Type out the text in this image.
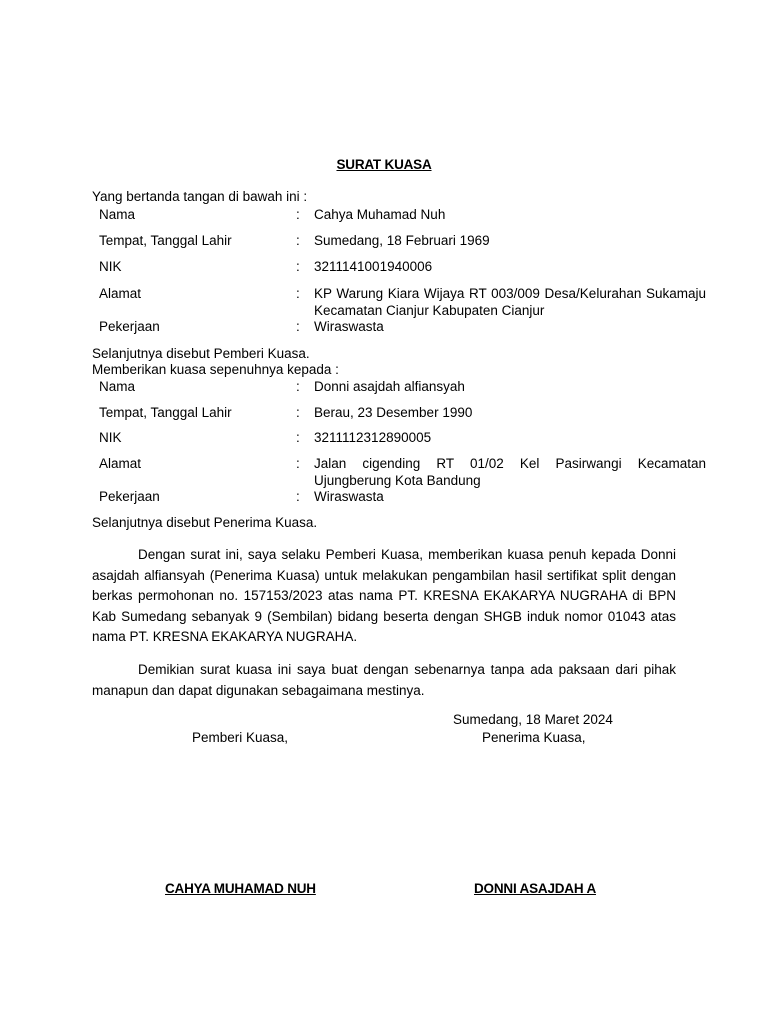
SURAT KUASA
Yang bertanda tangan di bawah ini :
Nama	: Cahya Muhamad Nuh
Tempat, Tanggal Lahir	: Sumedang, 18 Februari 1969
NIK	: 3211141001940006
Alamat	: KP Warung Kiara Wijaya RT 003/009 Desa/Kelurahan Sukamaju Kecamatan Cianjur Kabupaten Cianjur
Pekerjaan	: Wiraswasta
Selanjutnya disebut Pemberi Kuasa.
Memberikan kuasa sepenuhnya kepada :
Nama	: Donni asajdah alfiansyah
Tempat, Tanggal Lahir	: Berau, 23 Desember 1990
NIK	: 3211112312890005
Alamat	: Jalan cigending RT 01/02 Kel Pasirwangi Kecamatan Ujungberung Kota Bandung
Pekerjaan	: Wiraswasta
Selanjutnya disebut Penerima Kuasa.
Dengan surat ini, saya selaku Pemberi Kuasa, memberikan kuasa penuh kepada Donni asajdah alfiansyah (Penerima Kuasa) untuk melakukan pengambilan hasil sertifikat split dengan berkas permohonan no. 157153/2023 atas nama PT. KRESNA EKAKARYA NUGRAHA di BPN Kab Sumedang sebanyak 9 (Sembilan) bidang beserta dengan SHGB induk nomor 01043 atas nama PT. KRESNA EKAKARYA NUGRAHA.
Demikian surat kuasa ini saya buat dengan sebenarnya tanpa ada paksaan dari pihak manapun dan dapat digunakan sebagaimana mestinya.
Sumedang, 18 Maret 2024
Pemberi Kuasa,	Penerima Kuasa,
CAHYA MUHAMAD NUH	DONNI ASAJDAH A
